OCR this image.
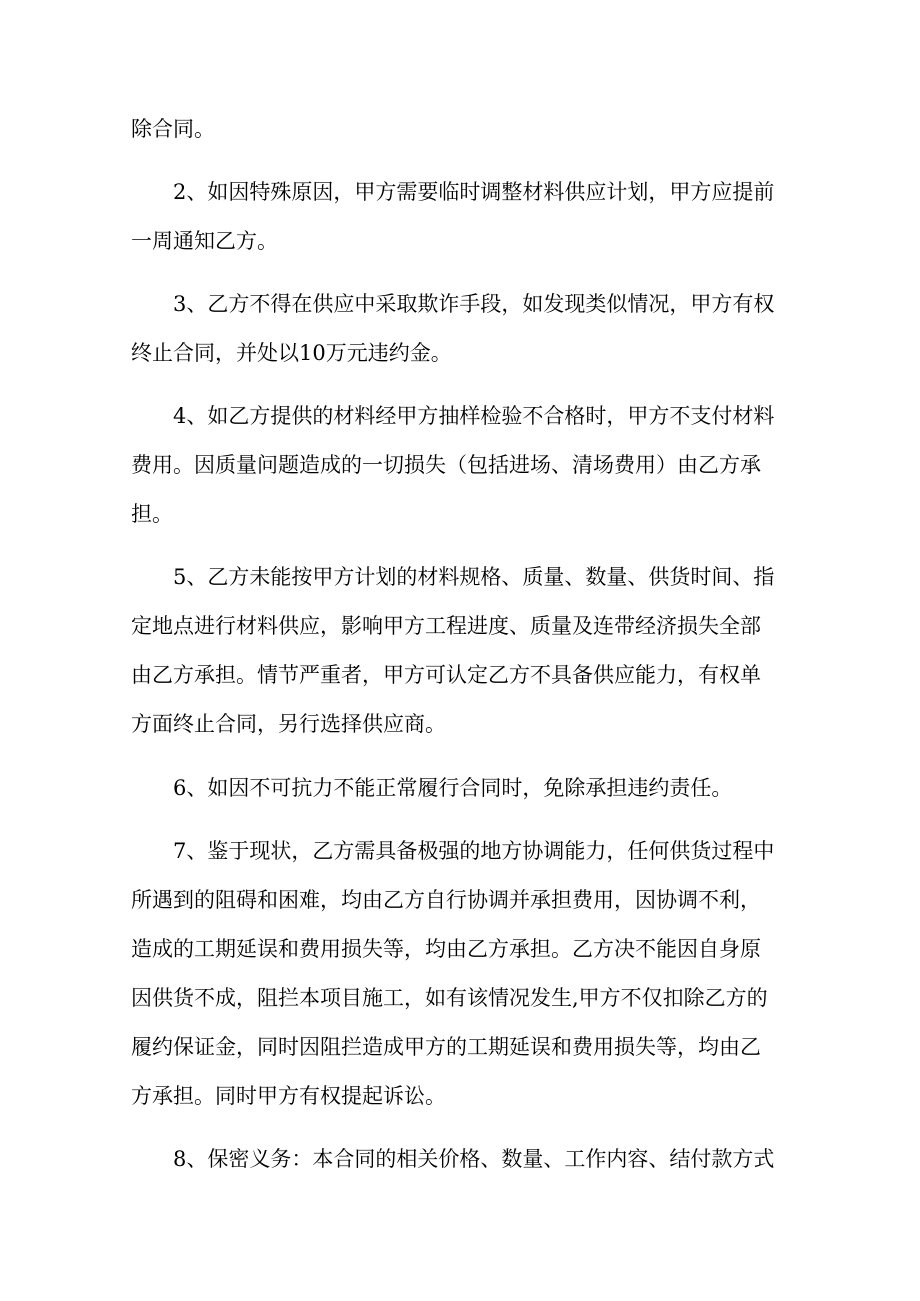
除合同。
2、如因特殊原因，甲方需要临时调整材料供应计划，甲方应提前
一周通知乙方。
3、乙方不得在供应中采取欺诈手段，如发现类似情况，甲方有权
终止合同，并处以10万元违约金。
4、如乙方提供的材料经甲方抽样检验不合格时，甲方不支付材料
费用。因质量问题造成的一切损失（包括进场、清场费用）由乙方承
担。
5、乙方未能按甲方计划的材料规格、质量、数量、供货时间、指
定地点进行材料供应，影响甲方工程进度、质量及连带经济损失全部
由乙方承担。情节严重者，甲方可认定乙方不具备供应能力，有权单
方面终止合同，另行选择供应商。
6、如因不可抗力不能正常履行合同时，免除承担违约责任。
7、鉴于现状，乙方需具备极强的地方协调能力，任何供货过程中
所遇到的阻碍和困难，均由乙方自行协调并承担费用，因协调不利，
造成的工期延误和费用损失等，均由乙方承担。乙方决不能因自身原
因供货不成，阻拦本项目施工，如有该情况发生,甲方不仅扣除乙方的
履约保证金，同时因阻拦造成甲方的工期延误和费用损失等，均由乙
方承担。同时甲方有权提起诉讼。
8、保密义务：本合同的相关价格、数量、工作内容、结付款方式
